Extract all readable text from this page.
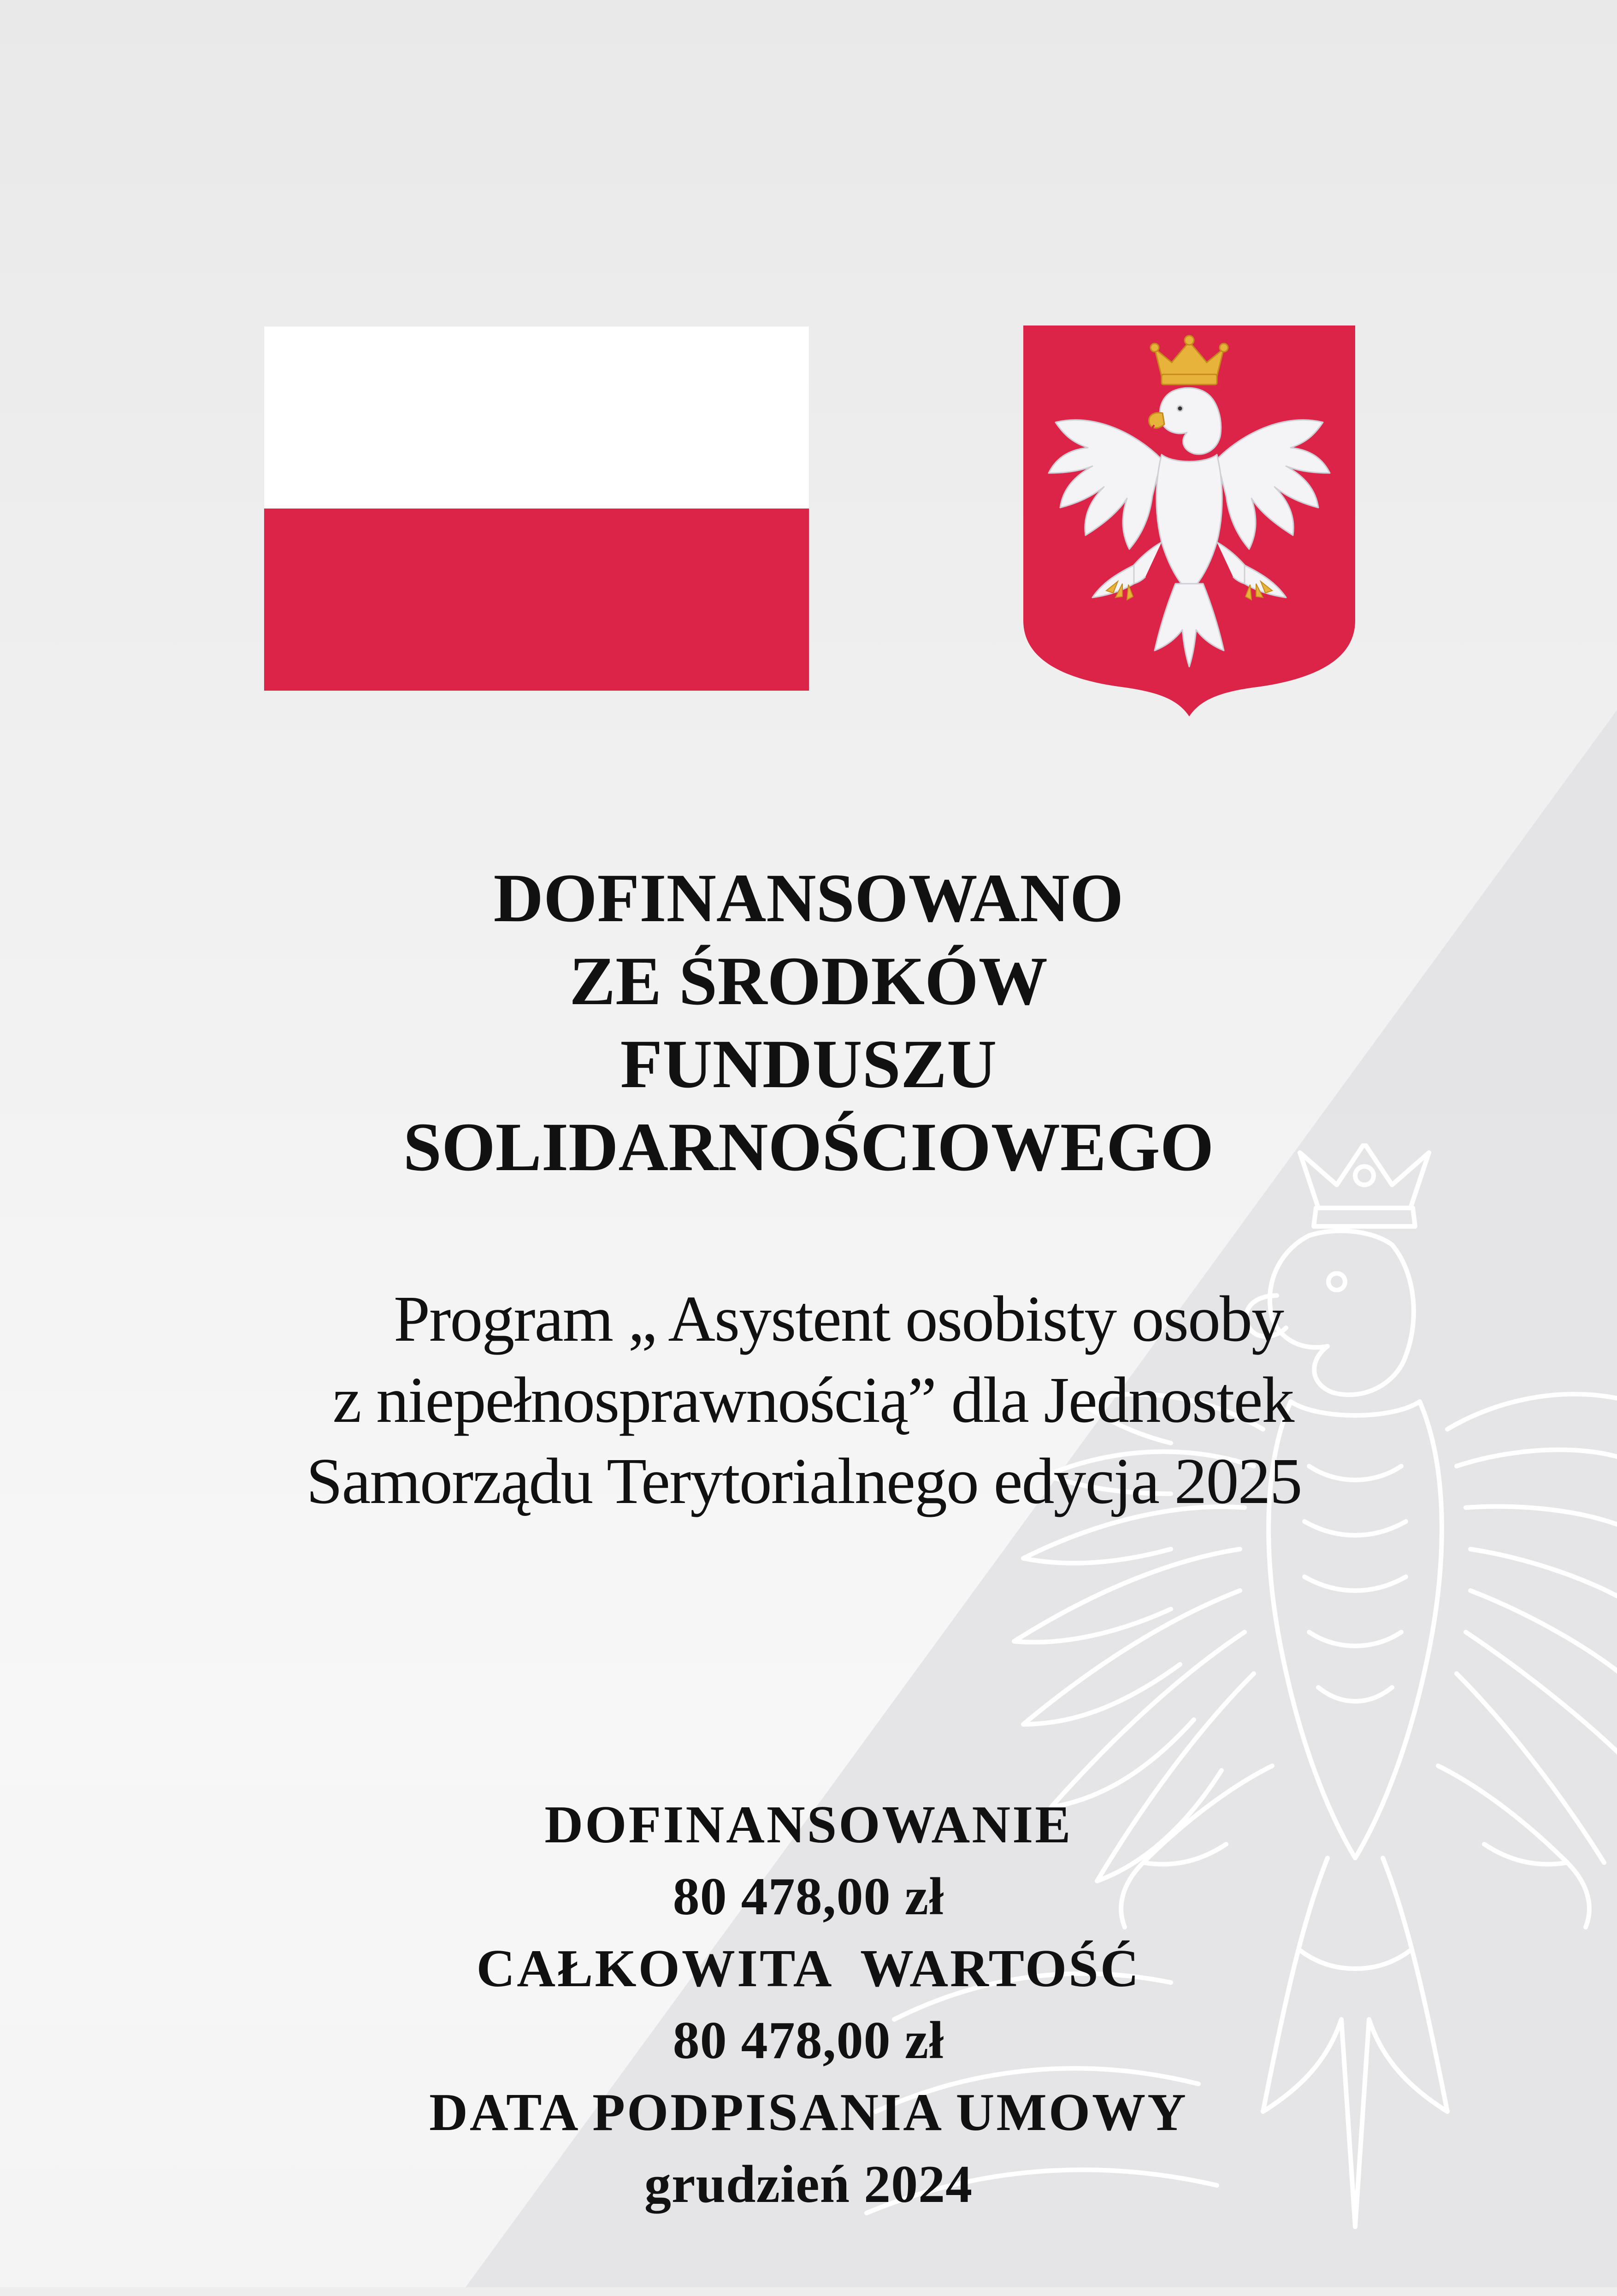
DOFINANSOWANO
ZE ŚRODKÓW
FUNDUSZU
SOLIDARNOŚCIOWEGO
Program „ Asystent osobisty osoby
z niepełnosprawnością” dla Jednostek
Samorządu Terytorialnego edycja 2025
DOFINANSOWANIE
80 478,00 zł
CAŁKOWITA  WARTOŚĆ
80 478,00 zł
DATA PODPISANIA UMOWY
grudzień 2024
